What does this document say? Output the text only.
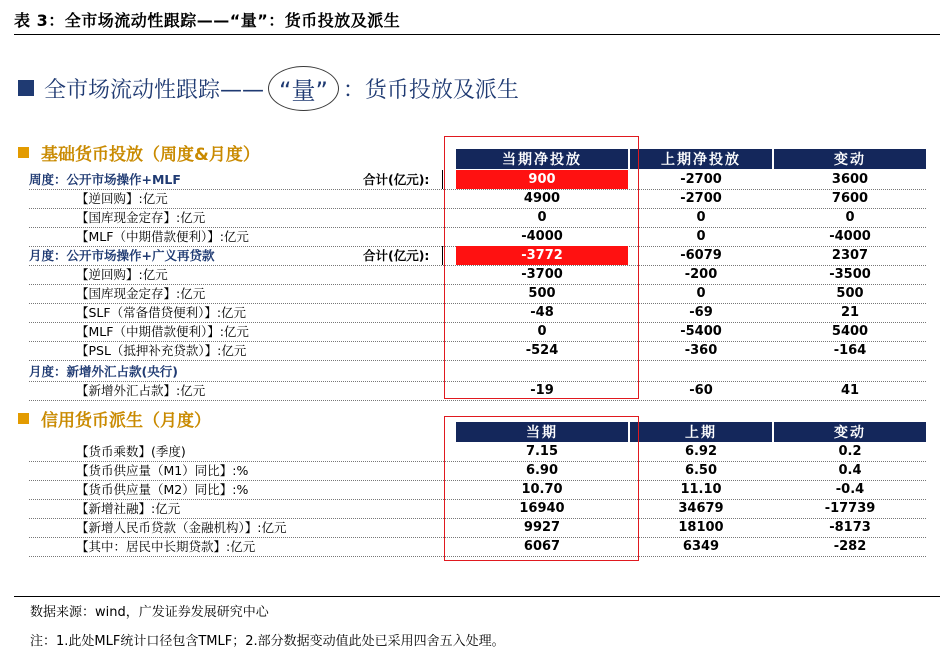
表 3：全市场流动性跟踪——“量”：货币投放及派生
全市场流动性跟踪—— “量” ：货币投放及派生
基础货币投放（周度&月度）	当期净投放	上期净投放	变动
周度：公开市场操作+MLF	合计(亿元):	900	-2700	3600
【逆回购】:亿元	4900	-2700	7600
【国库现金定存】:亿元	0	0	0
【MLF（中期借款便利）】:亿元	-4000	0	-4000
月度：公开市场操作+广义再贷款	合计(亿元):	-3772	-6079	2307
【逆回购】:亿元	-3700	-200	-3500
【国库现金定存】:亿元	500	0	500
【SLF（常备借贷便利）】:亿元	-48	-69	21
【MLF（中期借款便利）】:亿元	0	-5400	5400
【PSL（抵押补充贷款）】:亿元	-524	-360	-164
月度：新增外汇占款(央行)
【新增外汇占款】:亿元	-19	-60	41
信用货币派生（月度）
当期	上期	变动
【货币乘数】(季度)	7.15	6.92	0.2
【货币供应量（M1）同比】:%	6.90	6.50	0.4
【货币供应量（M2）同比】:%	10.70	11.10	-0.4
【新增社融】:亿元	16940	34679	-17739
【新增人民币贷款（金融机构）】:亿元	9927	18100	-8173
【其中：居民中长期贷款】:亿元	6067	6349	-282
数据来源：wind，广发证券发展研究中心
注：1.此处MLF统计口径包含TMLF；2.部分数据变动值此处已采用四舍五入处理。
